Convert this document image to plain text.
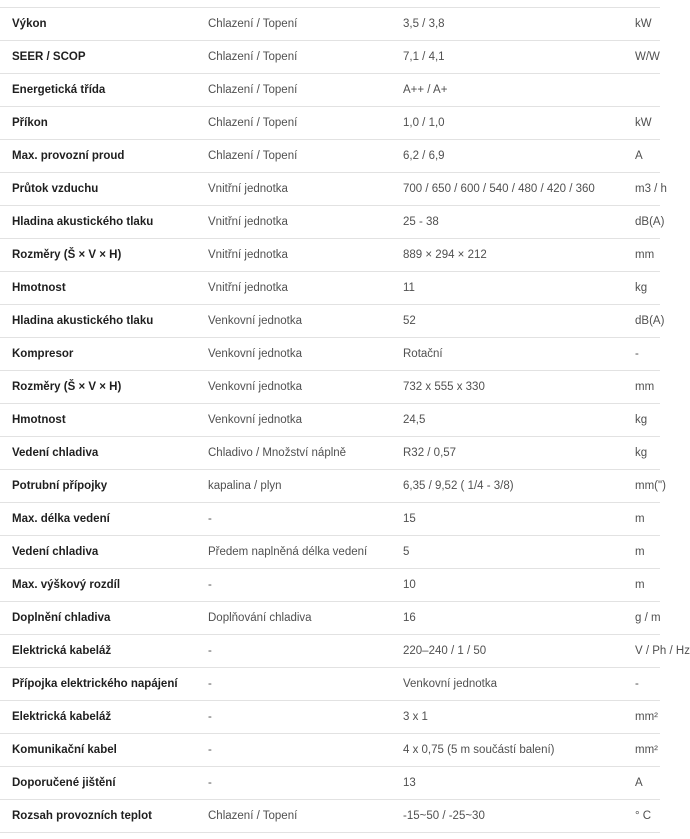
Výkon	Chlazení / Topení	3,5 / 3,8	kW
SEER / SCOP	Chlazení / Topení	7,1 / 4,1	W/W
Energetická třída	Chlazení / Topení	A++ / A+	
Příkon	Chlazení / Topení	1,0 / 1,0	kW
Max. provozní proud	Chlazení / Topení	6,2 / 6,9	A
Průtok vzduchu	Vnitřní jednotka	700 / 650 / 600 / 540 / 480 / 420 / 360	m3 / h
Hladina akustického tlaku	Vnitřní jednotka	25 - 38	dB(A)
Rozměry (Š × V × H)	Vnitřní jednotka	889 × 294 × 212	mm
Hmotnost	Vnitřní jednotka	11	kg
Hladina akustického tlaku	Venkovní jednotka	52	dB(A)
Kompresor	Venkovní jednotka	Rotační	-
Rozměry (Š × V × H)	Venkovní jednotka	732 x 555 x 330	mm
Hmotnost	Venkovní jednotka	24,5	kg
Vedení chladiva	Chladivo / Množství náplně	R32 / 0,57	kg
Potrubní přípojky	kapalina / plyn	6,35 / 9,52 ( 1/4 - 3/8)	mm(")
Max. délka vedení	-	15	m
Vedení chladiva	Předem naplněná délka vedení	5	m
Max. výškový rozdíl	-	10	m
Doplnění chladiva	Doplňování chladiva	16	g / m
Elektrická kabeláž	-	220–240 / 1 / 50	V / Ph / Hz
Přípojka elektrického napájení	-	Venkovní jednotka	-
Elektrická kabeláž	-	3 x 1	mm²
Komunikační kabel	-	4 x 0,75 (5 m součástí balení)	mm²
Doporučené jištění	-	13	A
Rozsah provozních teplot	Chlazení / Topení	-15~50 / -25~30	° C
